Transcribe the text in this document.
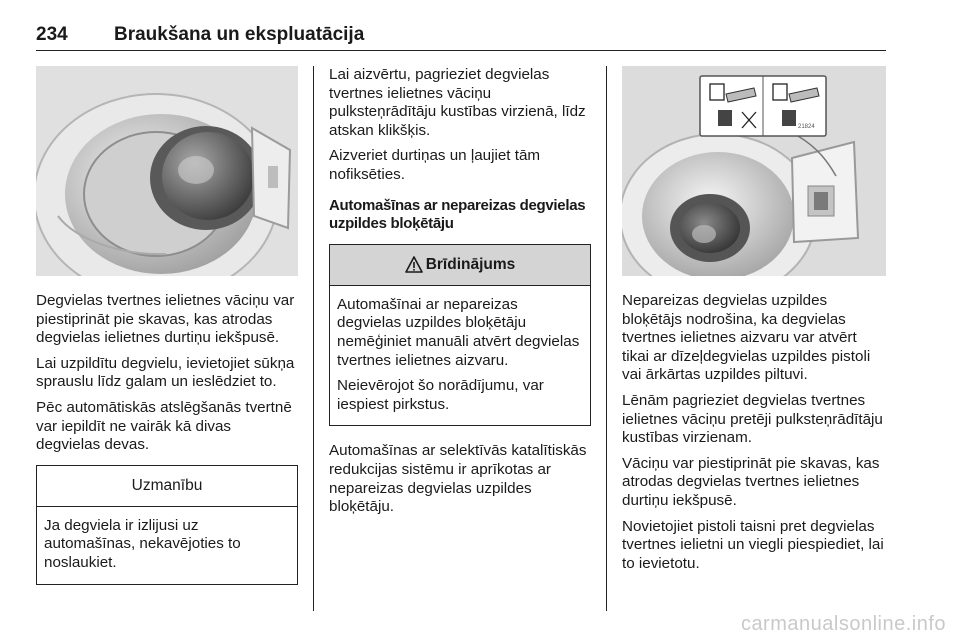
234 Braukšana un ekspluatācija

Degvielas tvertnes ielietnes vāciņu var piestiprināt pie skavas, kas atrodas degvielas ielietnes durtiņu iekšpusē.

Lai uzpildītu degvielu, ievietojiet sūkņa sprauslu līdz galam un ieslēdziet to.

Pēc automātiskās atslēgšanās tvertnē var iepildīt ne vairāk kā divas degvielas devas.

Uzmanību

Ja degviela ir izlijusi uz automašīnas, nekavējoties to noslaukiet.

Lai aizvērtu, pagrieziet degvielas tvertnes ielietnes vāciņu pulksteņrādītāju kustības virzienā, līdz atskan klikšķis.

Aizveriet durtiņas un ļaujiet tām nofiksēties.

Automašīnas ar nepareizas degvielas uzpildes bloķētāju
Brīdinājums

Automašīnai ar nepareizas degvielas uzpildes bloķētāju nemēģiniet manuāli atvērt degvielas tvertnes ielietnes aizvaru.

Neievērojot šo norādījumu, var iespiest pirkstus.

Automašīnas ar selektīvās katalītiskās redukcijas sistēmu ir aprīkotas ar nepareizas degvielas uzpildes bloķētāju.

21824

Nepareizas degvielas uzpildes bloķētājs nodrošina, ka degvielas tvertnes ielietnes aizvaru var atvērt tikai ar dīzeļdegvielas uzpildes pistoli vai ārkārtas uzpildes piltuvi.

Lēnām pagrieziet degvielas tvertnes ielietnes vāciņu pretēji pulksteņrādītāju kustības virzienam.

Vāciņu var piestiprināt pie skavas, kas atrodas degvielas tvertnes ielietnes durtiņu iekšpusē.

Novietojiet pistoli taisni pret degvielas tvertnes ielietni un viegli piespiediet, lai to ievietotu.

carmanualsonline.info
